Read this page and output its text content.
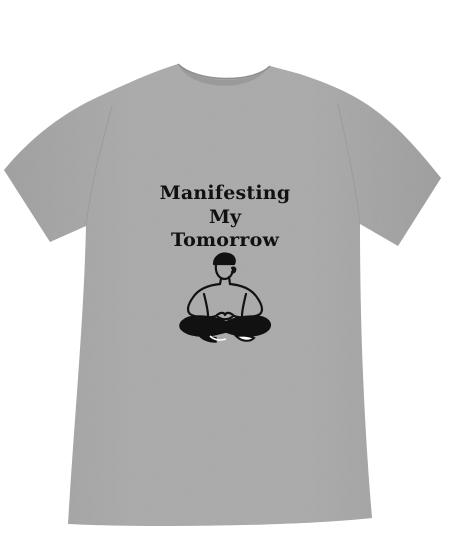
Manifesting
My
Tomorrow
